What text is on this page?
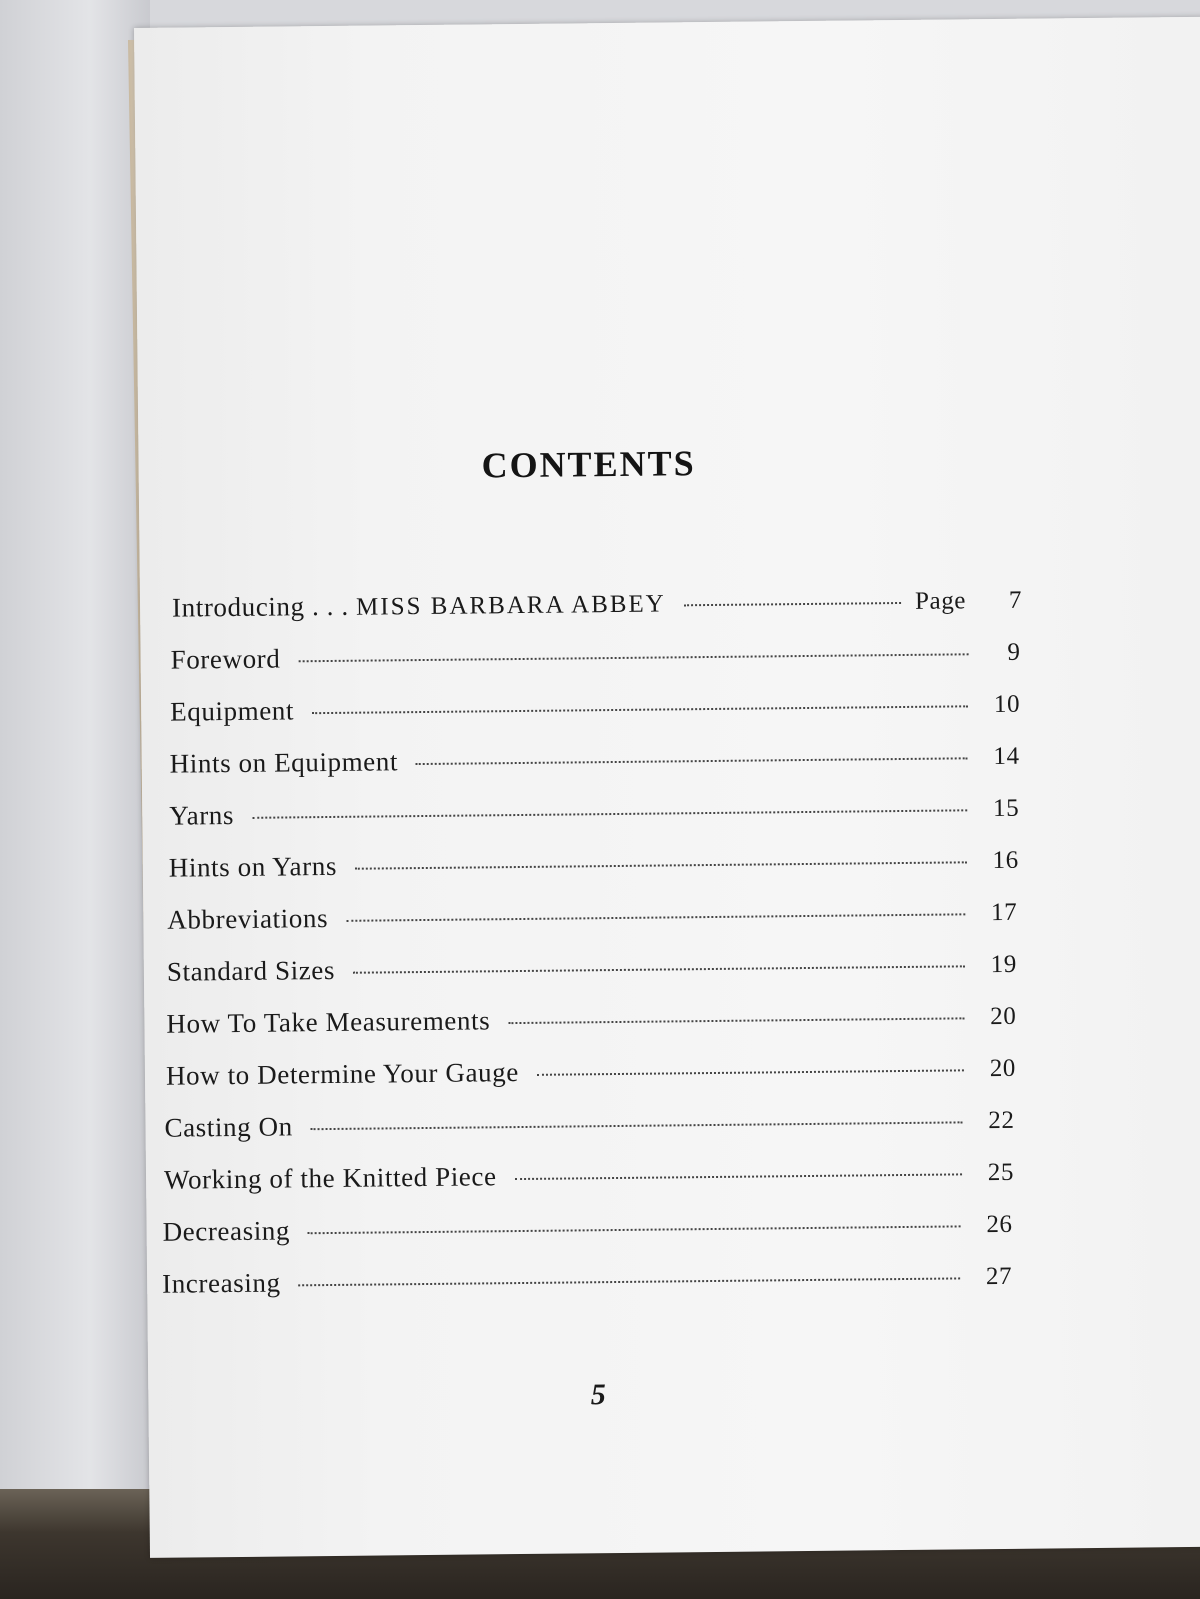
CONTENTS
Introducing . . . MISS BARBARA ABBEY	Page	7
Foreword	9
Equipment	10
Hints on Equipment	14
Yarns	15
Hints on Yarns	16
Abbreviations	17
Standard Sizes	19
How To Take Measurements	20
How to Determine Your Gauge	20
Casting On	22
Working of the Knitted Piece	25
Decreasing	26
Increasing	27
5
